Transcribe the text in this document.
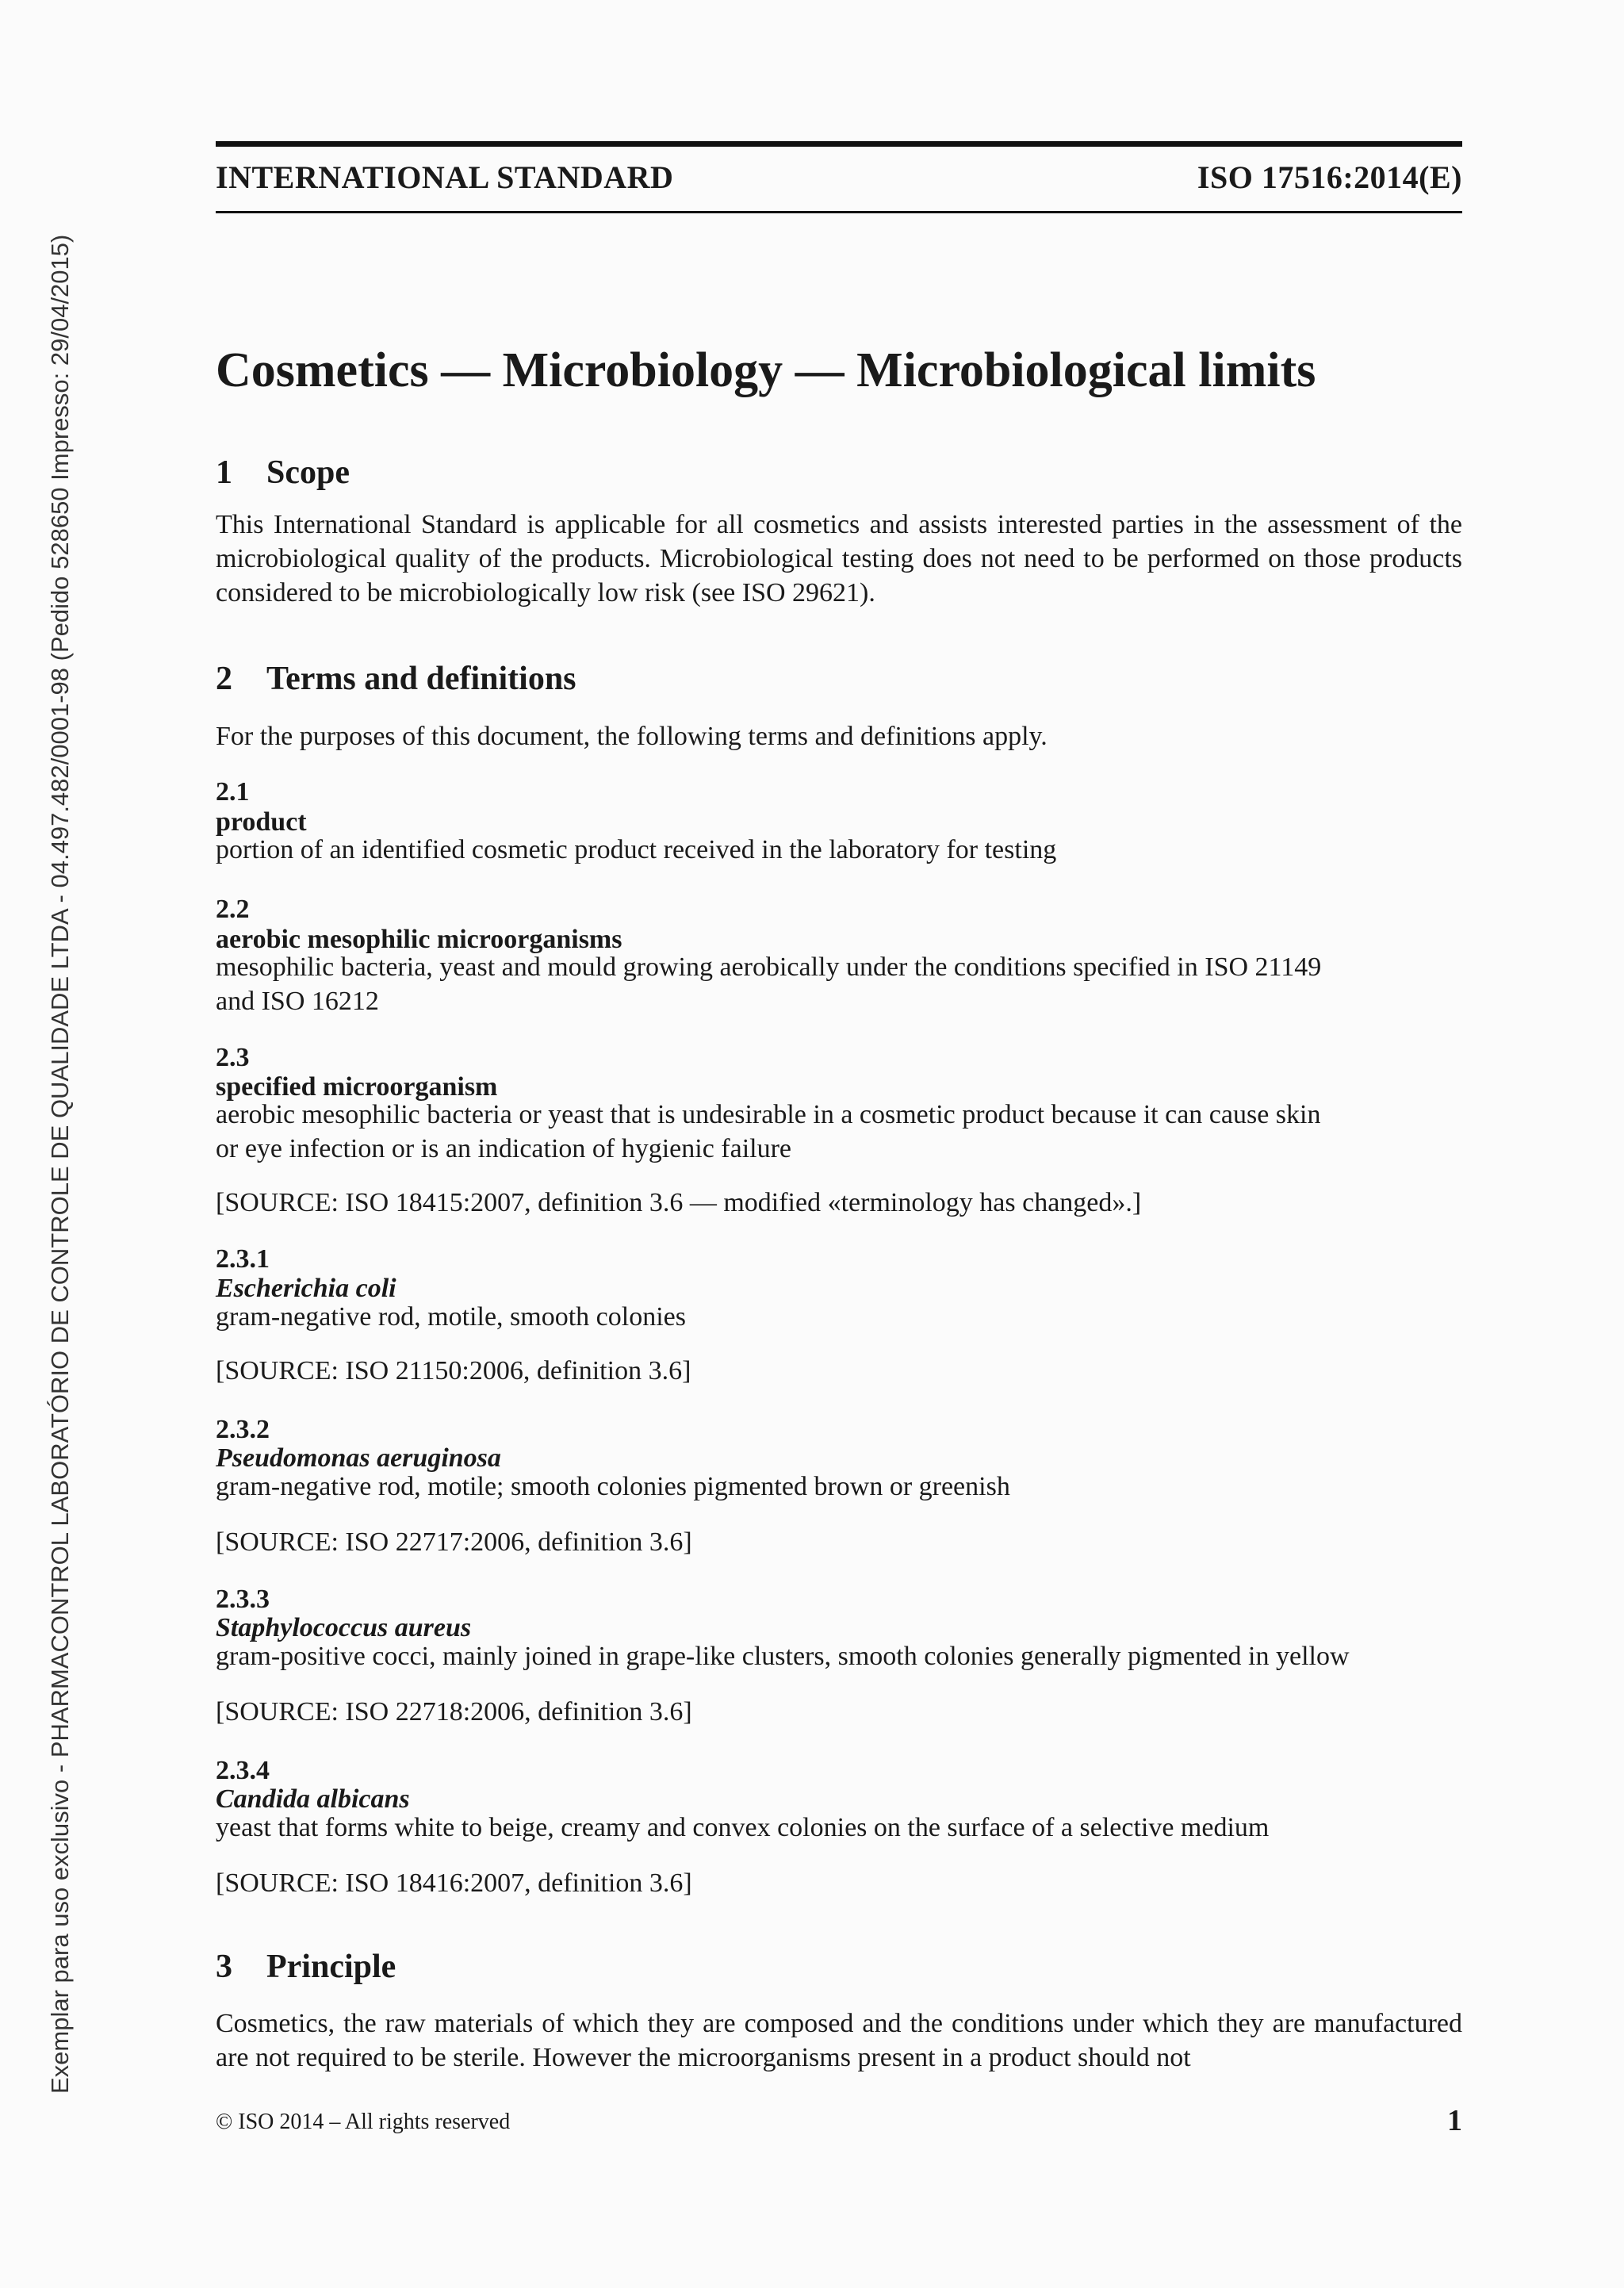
INTERNATIONAL STANDARD	ISO 17516:2014(E)
Cosmetics — Microbiology — Microbiological limits
1 Scope
This International Standard is applicable for all cosmetics and assists interested parties in the assessment of the microbiological quality of the products. Microbiological testing does not need to be performed on those products considered to be microbiologically low risk (see ISO 29621).
2 Terms and definitions
For the purposes of this document, the following terms and definitions apply.
2.1
product
portion of an identified cosmetic product received in the laboratory for testing
2.2
aerobic mesophilic microorganisms
mesophilic bacteria, yeast and mould growing aerobically under the conditions specified in ISO 21149
and ISO 16212
2.3
specified microorganism
aerobic mesophilic bacteria or yeast that is undesirable in a cosmetic product because it can cause skin
or eye infection or is an indication of hygienic failure
[SOURCE: ISO 18415:2007, definition 3.6 — modified «terminology has changed».]
2.3.1
Escherichia coli
gram-negative rod, motile, smooth colonies
[SOURCE: ISO 21150:2006, definition 3.6]
2.3.2
Pseudomonas aeruginosa
gram-negative rod, motile; smooth colonies pigmented brown or greenish
[SOURCE: ISO 22717:2006, definition 3.6]
2.3.3
Staphylococcus aureus
gram-positive cocci, mainly joined in grape-like clusters, smooth colonies generally pigmented in yellow
[SOURCE: ISO 22718:2006, definition 3.6]
2.3.4
Candida albicans
yeast that forms white to beige, creamy and convex colonies on the surface of a selective medium
[SOURCE: ISO 18416:2007, definition 3.6]
3 Principle
Cosmetics, the raw materials of which they are composed and the conditions under which they are manufactured are not required to be sterile. However the microorganisms present in a product should not
© ISO 2014 – All rights reserved	1
Exemplar para uso exclusivo - PHARMACONTROL LABORATÓRIO DE CONTROLE DE QUALIDADE LTDA - 04.497.482/0001-98 (Pedido 528650 Impresso: 29/04/2015)
